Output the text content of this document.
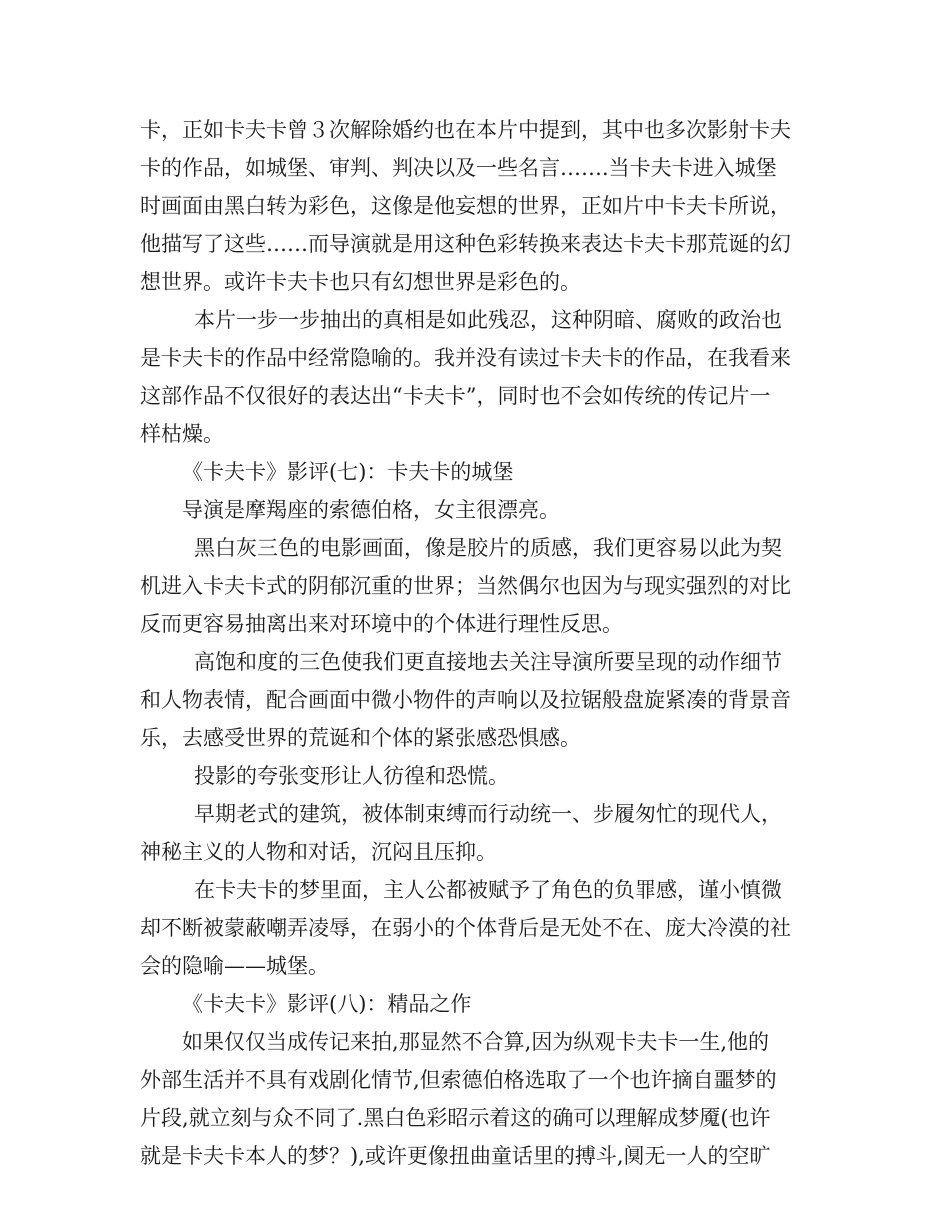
卡，正如卡夫卡曾３次解除婚约也在本片中提到，其中也多次影射卡夫
卡的作品，如城堡、审判、判决以及一些名言…….当卡夫卡进入城堡
时画面由黑白转为彩色，这像是他妄想的世界，正如片中卡夫卡所说，
他描写了这些……而导演就是用这种色彩转换来表达卡夫卡那荒诞的幻
想世界。或许卡夫卡也只有幻想世界是彩色的。
本片一步一步抽出的真相是如此残忍，这种阴暗、腐败的政治也
是卡夫卡的作品中经常隐喻的。我并没有读过卡夫卡的作品，在我看来
这部作品不仅很好的表达出“卡夫卡”，同时也不会如传统的传记片一
样枯燥。
《卡夫卡》影评(七)：卡夫卡的城堡
导演是摩羯座的索德伯格，女主很漂亮。
黑白灰三色的电影画面，像是胶片的质感，我们更容易以此为契
机进入卡夫卡式的阴郁沉重的世界；当然偶尔也因为与现实强烈的对比
反而更容易抽离出来对环境中的个体进行理性反思。
高饱和度的三色使我们更直接地去关注导演所要呈现的动作细节
和人物表情，配合画面中微小物件的声响以及拉锯般盘旋紧凑的背景音
乐，去感受世界的荒诞和个体的紧张感恐惧感。
投影的夸张变形让人彷徨和恐慌。
早期老式的建筑，被体制束缚而行动统一、步履匆忙的现代人，
神秘主义的人物和对话，沉闷且压抑。
在卡夫卡的梦里面，主人公都被赋予了角色的负罪感，谨小慎微
却不断被蒙蔽嘲弄凌辱，在弱小的个体背后是无处不在、庞大冷漠的社
会的隐喻——城堡。
《卡夫卡》影评(八)：精品之作
如果仅仅当成传记来拍,那显然不合算,因为纵观卡夫卡一生,他的
外部生活并不具有戏剧化情节,但索德伯格选取了一个也许摘自噩梦的
片段,就立刻与众不同了.黑白色彩昭示着这的确可以理解成梦魇(也许
就是卡夫卡本人的梦？),或许更像扭曲童话里的搏斗,阒无一人的空旷
